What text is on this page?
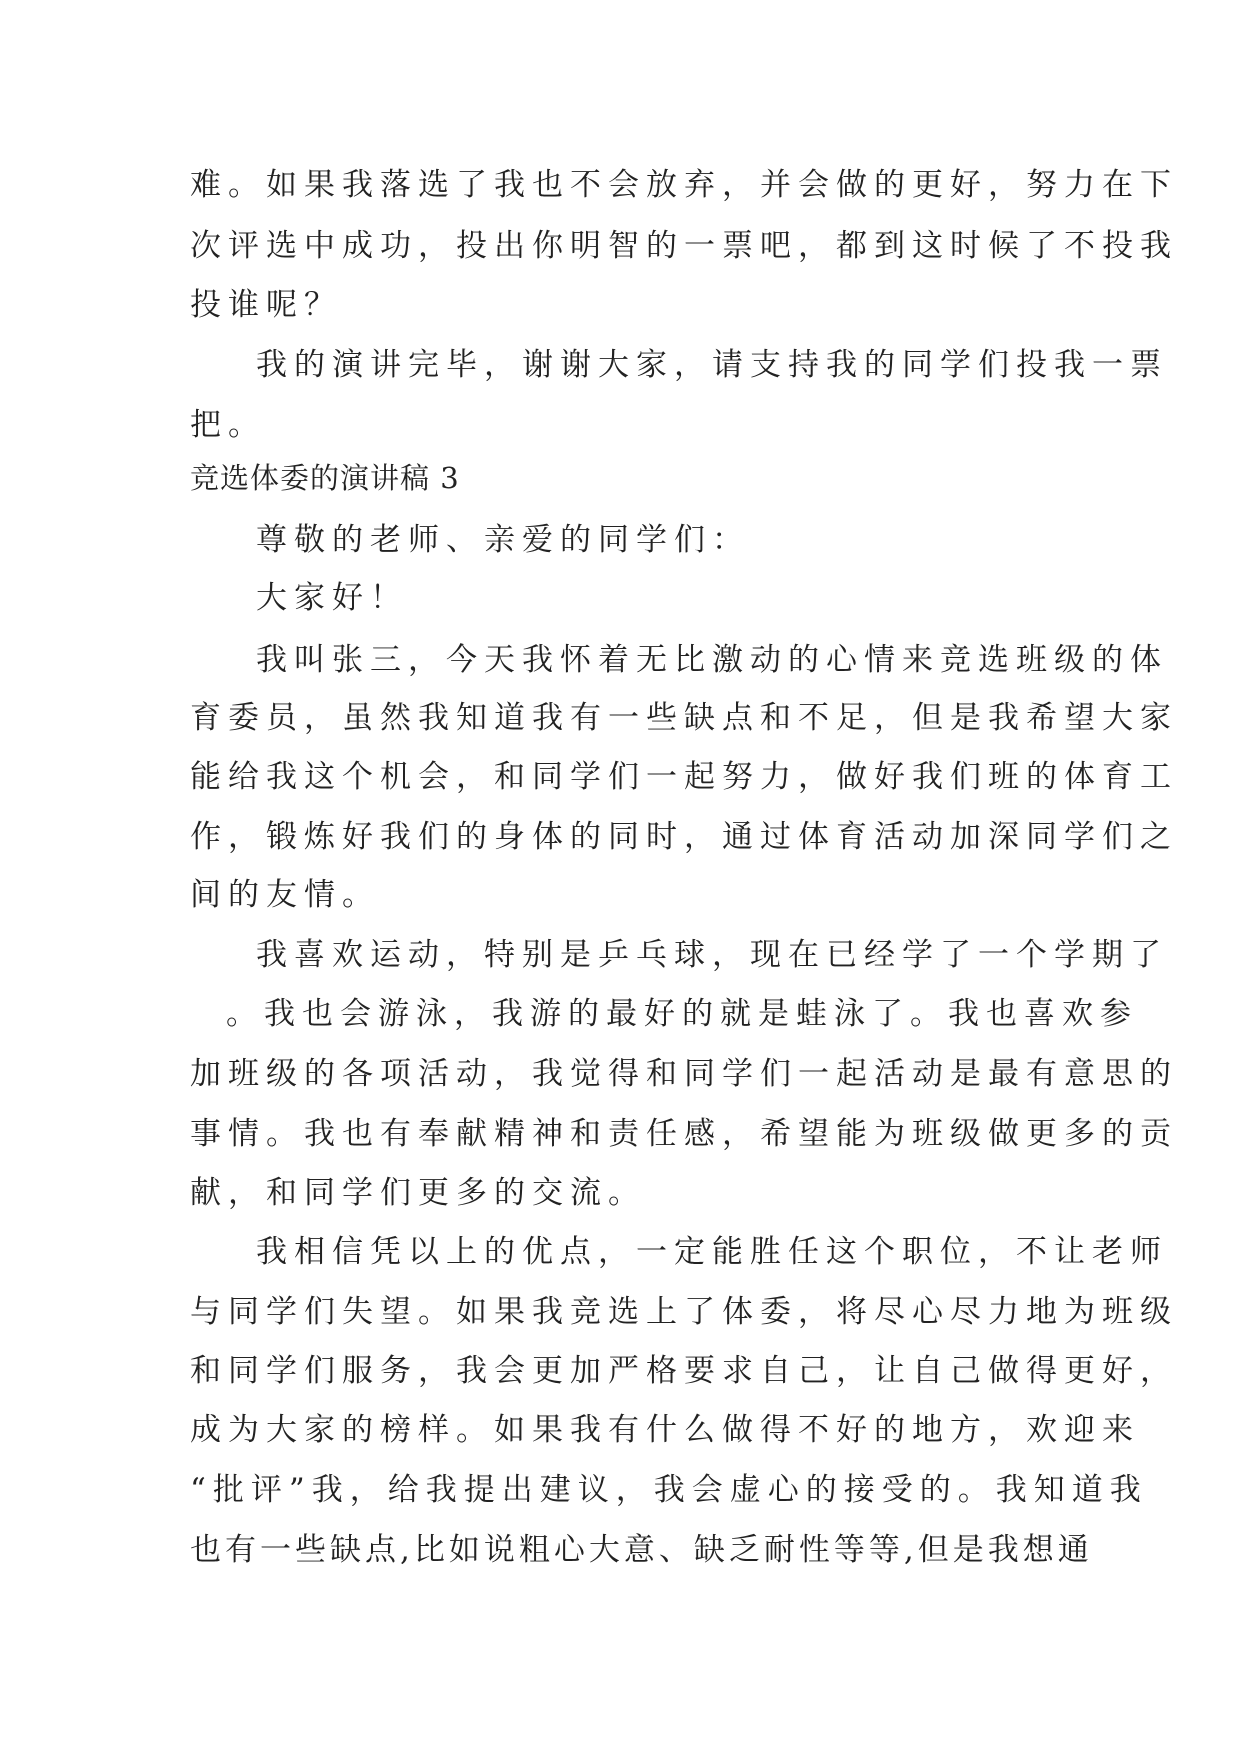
难。如果我落选了我也不会放弃，并会做的更好，努力在下
次评选中成功，投出你明智的一票吧，都到这时候了不投我
投谁呢？
我的演讲完毕，谢谢大家，请支持我的同学们投我一票
把。
竞选体委的演讲稿 3
尊敬的老师、亲爱的同学们：
大家好！
我叫张三，今天我怀着无比激动的心情来竞选班级的体
育委员，虽然我知道我有一些缺点和不足，但是我希望大家
能给我这个机会，和同学们一起努力，做好我们班的体育工
作，锻炼好我们的身体的同时，通过体育活动加深同学们之
间的友情。
我喜欢运动，特别是乒乓球，现在已经学了一个学期了
。我也会游泳，我游的最好的就是蛙泳了。我也喜欢参
加班级的各项活动，我觉得和同学们一起活动是最有意思的
事情。我也有奉献精神和责任感，希望能为班级做更多的贡
献，和同学们更多的交流。
我相信凭以上的优点，一定能胜任这个职位，不让老师
与同学们失望。如果我竞选上了体委，将尽心尽力地为班级
和同学们服务，我会更加严格要求自己，让自己做得更好，
成为大家的榜样。如果我有什么做得不好的地方，欢迎来
“批评”我，给我提出建议，我会虚心的接受的。我知道我
也有一些缺点,比如说粗心大意、缺乏耐性等等,但是我想通
